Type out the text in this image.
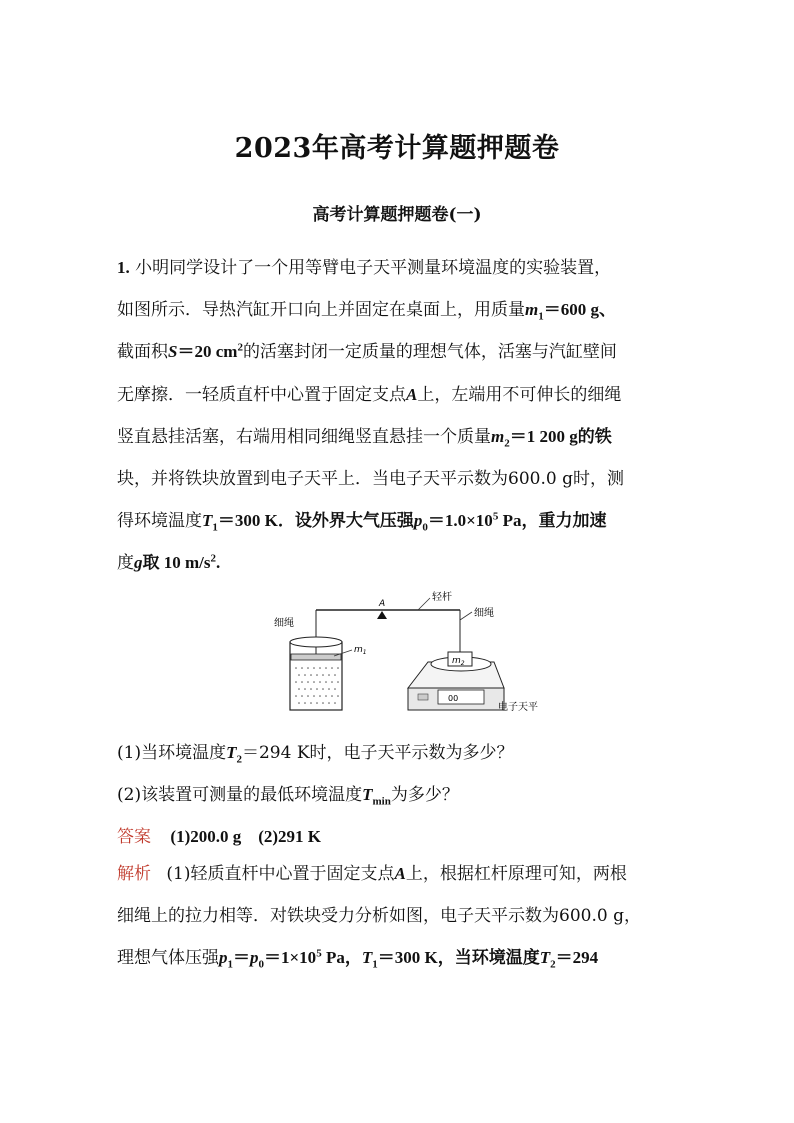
2023年高考计算题押题卷
高考计算题押题卷(一)
1. 小明同学设计了一个用等臂电子天平测量环境温度的实验装置，
如图所示．导热汽缸开口向上并固定在桌面上，用质量$m_1=600$ g、
截面积S＝20 $cm^2$的活塞封闭一定质量的理想气体，活塞与汽缸壁间
无摩擦．一轻质直杆中心置于固定支点A上，左端用不可伸长的细绳
竖直悬挂活塞，右端用相同细绳竖直悬挂一个质量$m_2=1$ 200 g的铁
块，并将铁块放置到电子天平上．当电子天平示数为600.0 g时，测
得环境温度$T_1=300$ K．设外界大气压强$p_0=1.0\times 10^5$ Pa，重力加速
度g取 10 $m/s^2$.
A
轻杆
细绳
细绳
$m_1$
00
$m_2$
电子天平
(1)当环境温度$T_2=294$ K时，电子天平示数为多少？
(2)该装置可测量的最低环境温度$T_{min}$为多少？
答案 (1)200.0 g　(2)291 K
解析 (1)轻质直杆中心置于固定支点A上，根据杠杆原理可知，两根
细绳上的拉力相等．对铁块受力分析如图，电子天平示数为600.0 g，
理想气体压强$p_1=p_0=1\times 10^5$ Pa，$T_1=300$ K，当环境温度$T_2=294$
